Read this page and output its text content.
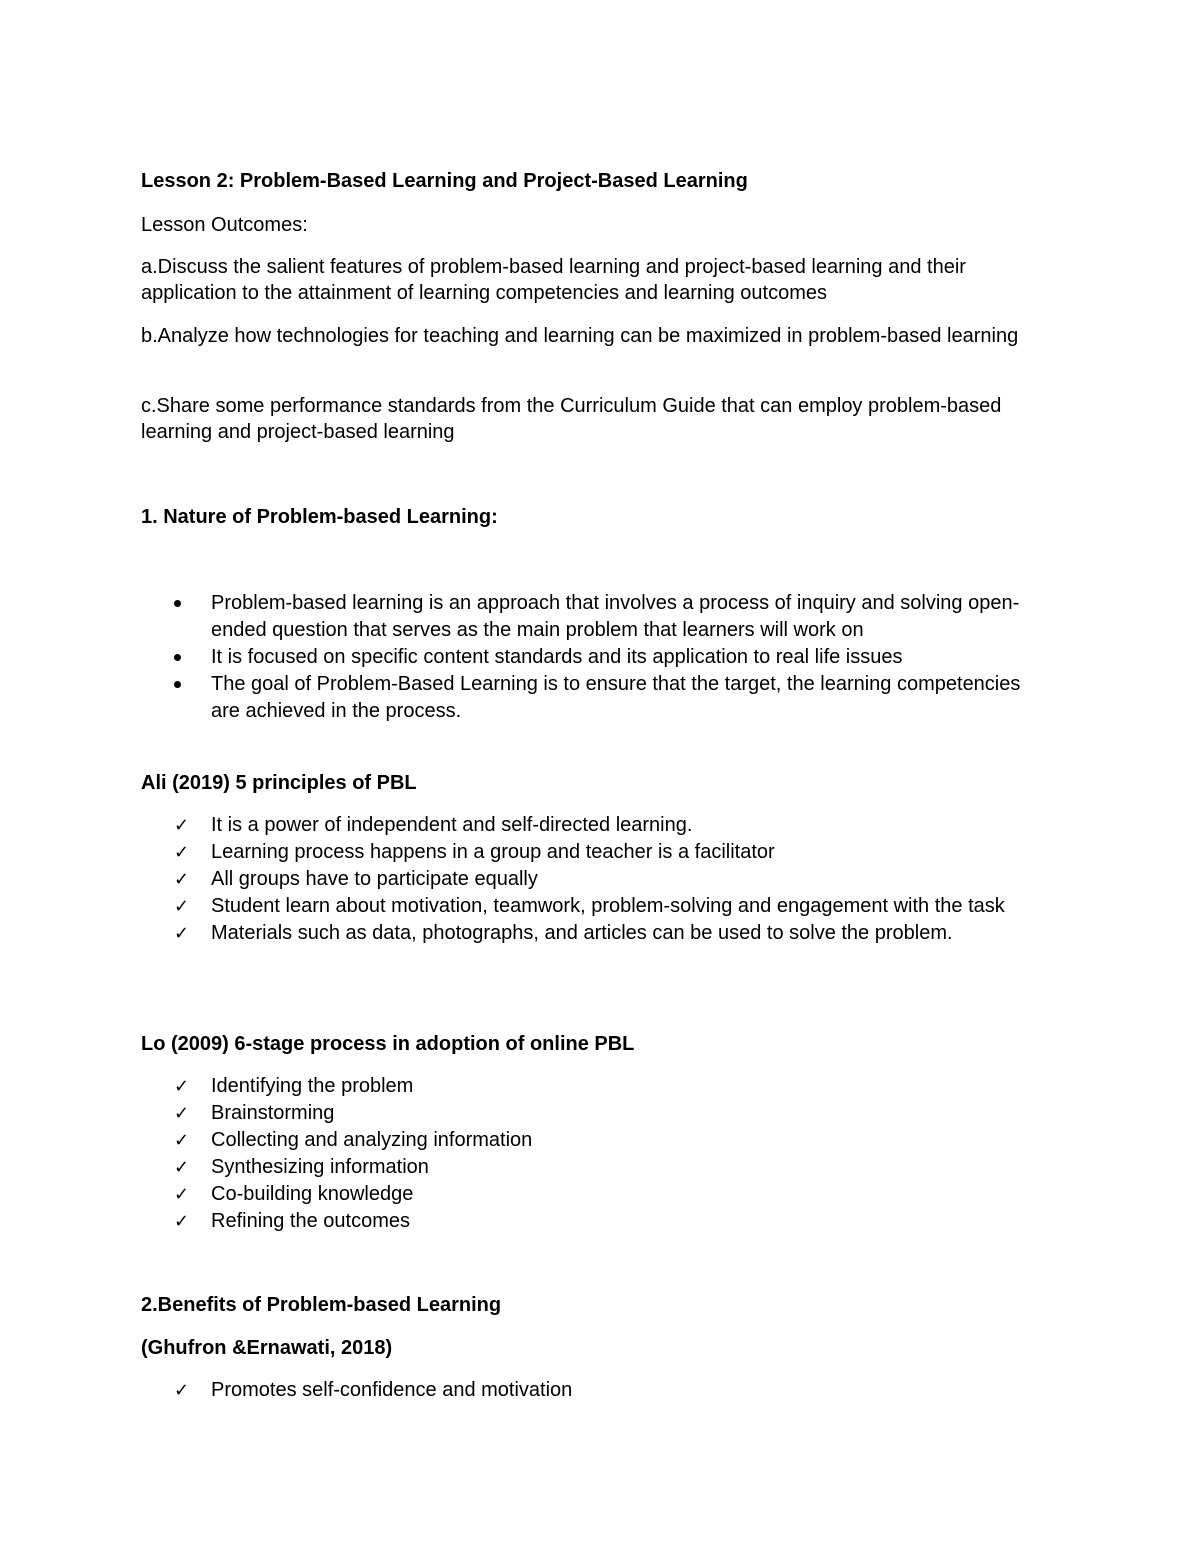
Lesson 2: Problem-Based Learning and Project-Based Learning
Lesson Outcomes:
a.Discuss the salient features of problem-based learning and project-based learning and their application to the attainment of learning competencies and learning outcomes
b.Analyze how technologies for teaching and learning can be maximized in problem-based learning
c.Share some performance standards from the Curriculum Guide that can employ problem-based learning and project-based learning
1. Nature of Problem-based Learning:
Problem-based learning is an approach that involves a process of inquiry and solving open-ended question that serves as the main problem that learners will work on
It is focused on specific content standards and its application to real life issues
The goal of Problem-Based Learning is to ensure that the target, the learning competencies are achieved in the process.
Ali (2019) 5 principles of PBL
✓ It is a power of independent and self-directed learning.
✓ Learning process happens in a group and teacher is a facilitator
✓ All groups have to participate equally
✓ Student learn about motivation, teamwork, problem-solving and engagement with the task
✓ Materials such as data, photographs, and articles can be used to solve the problem.
Lo (2009) 6-stage process in adoption of online PBL
✓ Identifying the problem
✓ Brainstorming
✓ Collecting and analyzing information
✓ Synthesizing information
✓ Co-building knowledge
✓ Refining the outcomes
2.Benefits of Problem-based Learning
(Ghufron &Ernawati, 2018)
✓ Promotes self-confidence and motivation
